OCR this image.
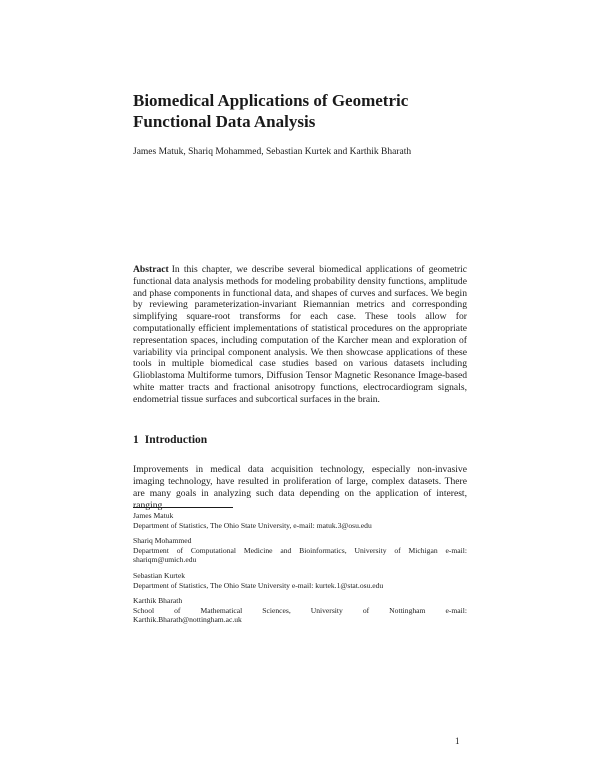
Biomedical Applications of Geometric Functional Data Analysis
James Matuk, Shariq Mohammed, Sebastian Kurtek and Karthik Bharath

Abstract In this chapter, we describe several biomedical applications of geometric functional data analysis methods for modeling probability density functions, amplitude and phase components in functional data, and shapes of curves and surfaces. We begin by reviewing parameterization-invariant Riemannian metrics and corresponding simplifying square-root transforms for each case. These tools allow for computationally efficient implementations of statistical procedures on the appropriate representation spaces, including computation of the Karcher mean and exploration of variability via principal component analysis. We then showcase applications of these tools in multiple biomedical case studies based on various datasets including Glioblastoma Multiforme tumors, Diffusion Tensor Magnetic Resonance Image-based white matter tracts and fractional anisotropy functions, electrocardiogram signals, endometrial tissue surfaces and subcortical surfaces in the brain.

1 Introduction

Improvements in medical data acquisition technology, especially non-invasive imaging technology, have resulted in proliferation of large, complex datasets. There are many goals in analyzing such data depending on the application of interest, ranging

James Matuk
Department of Statistics, The Ohio State University, e-mail: matuk.3@osu.edu
Shariq Mohammed
Department of Computational Medicine and Bioinformatics, University of Michigan e-mail:
shariqm@umich.edu
Sebastian Kurtek
Department of Statistics, The Ohio State University e-mail: kurtek.1@stat.osu.edu
Karthik Bharath
School of Mathematical Sciences, University of Nottingham e-mail:
Karthik.Bharath@nottingham.ac.uk
1
